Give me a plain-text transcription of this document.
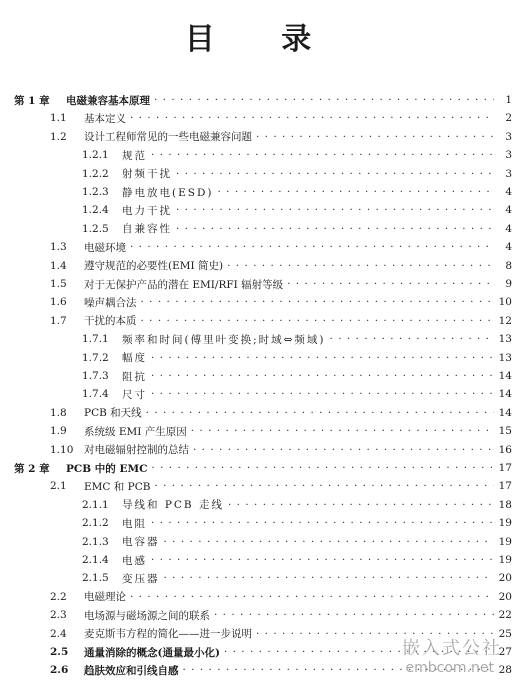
目 录
第 1 章	电磁兼容基本原理 · · ·	1
1.1	基本定义 · · ·	2
1.2	设计工程师常见的一些电磁兼容问题 · · ·	3
1.2.1	规范 · · ·	3
1.2.2	射频干扰 · · ·	3
1.2.3	静电放电(ESD) · · ·	4
1.2.4	电力干扰 · · ·	4
1.2.5	自兼容性 · · ·	4
1.3	电磁环境 · · ·	4
1.4	遵守规范的必要性(EMI 简史) · · ·	8
1.5	对于无保护产品的潜在 EMI/RFI 辐射等级 · · ·	9
1.6	噪声耦合法 · · ·	10
1.7	干扰的本质 · · ·	12
1.7.1	频率和时间(傅里叶变换;时域⇔频域) · · ·	13
1.7.2	幅度 · · ·	13
1.7.3	阻抗 · · ·	14
1.7.4	尺寸 · · ·	14
1.8	PCB 和天线 · · ·	14
1.9	系统级 EMI 产生原因 · · ·	15
1.10	对电磁辐射控制的总结 · · ·	16
第 2 章	PCB 中的 EMC · · ·	17
2.1	EMC 和 PCB · · ·	17
2.1.1	导线和 PCB 走线 · · ·	18
2.1.2	电阻 · · ·	19
2.1.3	电容器 · · ·	19
2.1.4	电感 · · ·	19
2.1.5	变压器 · · ·	20
2.2	电磁理论 · · ·	20
2.3	电场源与磁场源之间的联系 · · ·	22
2.4	麦克斯韦方程的简化——进一步说明 · · ·	25
2.5	通量消除的概念(通量最小化) · · ·	27
2.6	趋肤效应和引线自感 · · ·	28
嵌入式公社
embcom.net
